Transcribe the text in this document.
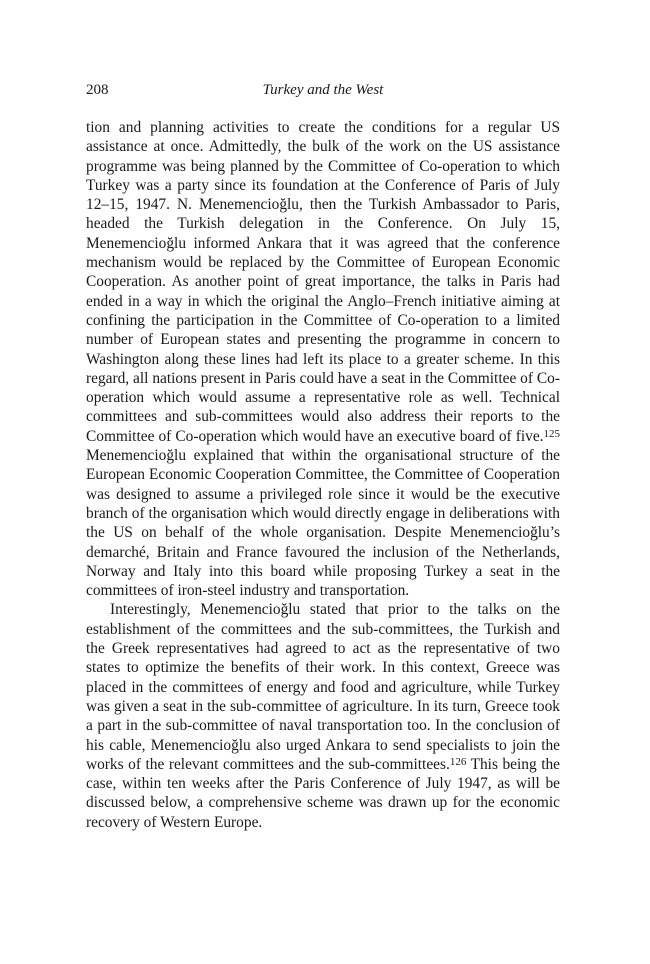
208	Turkey and the West

tion and planning activities to create the conditions for a regular US assistance at once. Admittedly, the bulk of the work on the US assistance programme was being planned by the Committee of Co-operation to which Turkey was a party since its foundation at the Conference of Paris of July 12–15, 1947. N. Menemencioğlu, then the Turkish Ambassador to Paris, headed the Turkish delegation in the Conference. On July 15, Menemencioğlu informed Ankara that it was agreed that the conference mechanism would be replaced by the Committee of European Economic Cooperation. As another point of great importance, the talks in Paris had ended in a way in which the original the Anglo–French initiative aiming at confining the participation in the Committee of Co-operation to a limited number of European states and presenting the programme in concern to Washington along these lines had left its place to a greater scheme. In this regard, all nations present in Paris could have a seat in the Committee of Co-operation which would assume a representative role as well. Technical committees and sub-committees would also address their reports to the Committee of Co-operation which would have an executive board of five.$^{125}$ Menemencioğlu explained that within the organisational structure of the European Economic Cooperation Committee, the Committee of Cooperation was designed to assume a privileged role since it would be the executive branch of the organisation which would directly engage in deliberations with the US on behalf of the whole organisation. Despite Menemencioğlu’s demarché, Britain and France favoured the inclusion of the Netherlands, Norway and Italy into this board while proposing Turkey a seat in the committees of iron-steel industry and transportation.

Interestingly, Menemencioğlu stated that prior to the talks on the establishment of the committees and the sub-committees, the Turkish and the Greek representatives had agreed to act as the representative of two states to optimize the benefits of their work. In this context, Greece was placed in the committees of energy and food and agriculture, while Turkey was given a seat in the sub-committee of agriculture. In its turn, Greece took a part in the sub-committee of naval transportation too. In the conclusion of his cable, Menemencioğlu also urged Ankara to send specialists to join the works of the relevant committees and the sub-committees.$^{126}$ This being the case, within ten weeks after the Paris Conference of July 1947, as will be discussed below, a comprehensive scheme was drawn up for the economic recovery of Western Europe.
